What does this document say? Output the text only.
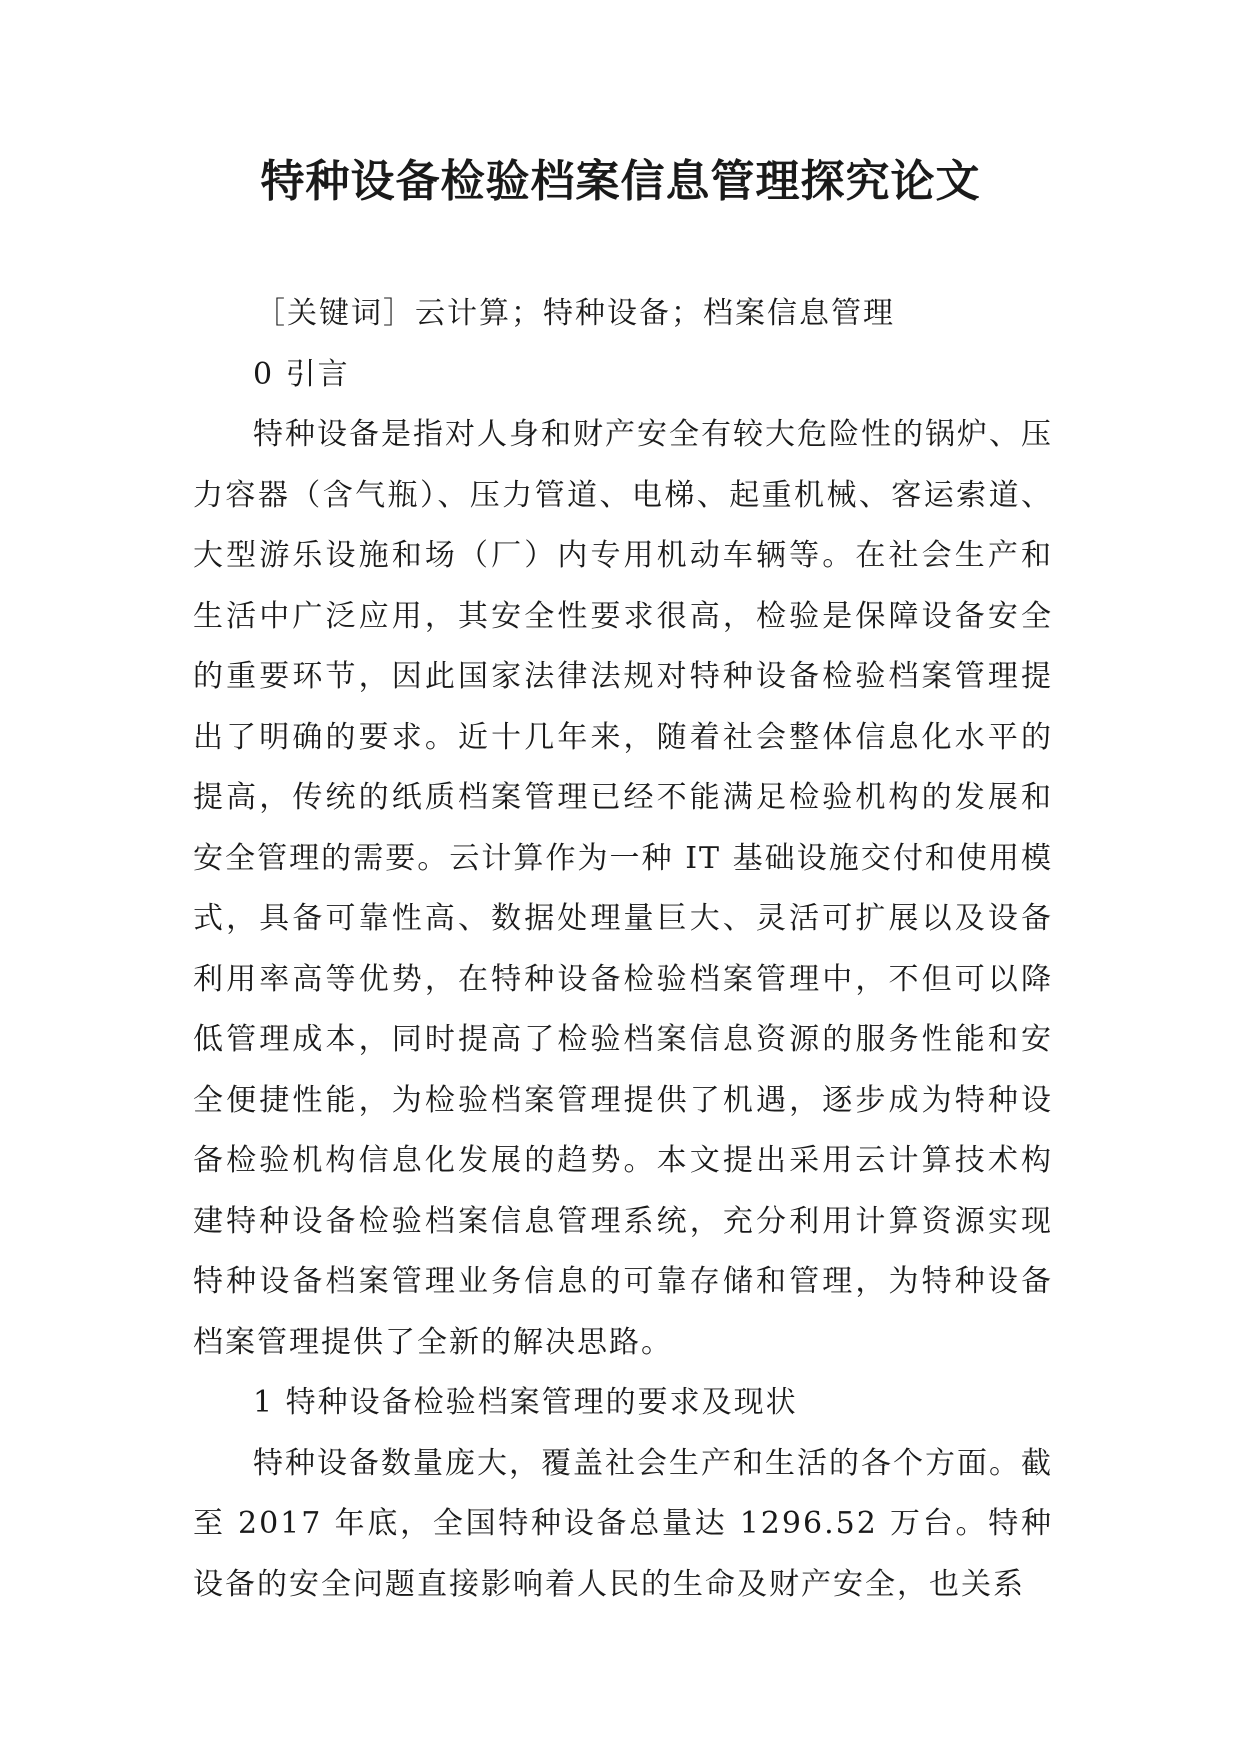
特种设备检验档案信息管理探究论文

［关键词］云计算；特种设备；档案信息管理

0 引言

特种设备是指对人身和财产安全有较大危险性的锅炉、压力容器（含气瓶）、压力管道、电梯、起重机械、客运索道、大型游乐设施和场（厂）内专用机动车辆等。在社会生产和生活中广泛应用，其安全性要求很高，检验是保障设备安全的重要环节，因此国家法律法规对特种设备检验档案管理提出了明确的要求。近十几年来，随着社会整体信息化水平的提高，传统的纸质档案管理已经不能满足检验机构的发展和安全管理的需要。云计算作为一种 IT 基础设施交付和使用模式，具备可靠性高、数据处理量巨大、灵活可扩展以及设备利用率高等优势，在特种设备检验档案管理中，不但可以降低管理成本，同时提高了检验档案信息资源的服务性能和安全便捷性能，为检验档案管理提供了机遇，逐步成为特种设备检验机构信息化发展的趋势。本文提出采用云计算技术构建特种设备检验档案信息管理系统，充分利用计算资源实现特种设备档案管理业务信息的可靠存储和管理，为特种设备档案管理提供了全新的解决思路。

1 特种设备检验档案管理的要求及现状

特种设备数量庞大，覆盖社会生产和生活的各个方面。截至 2017 年底，全国特种设备总量达 1296.52 万台。特种设备的安全问题直接影响着人民的生命及财产安全，也关系
